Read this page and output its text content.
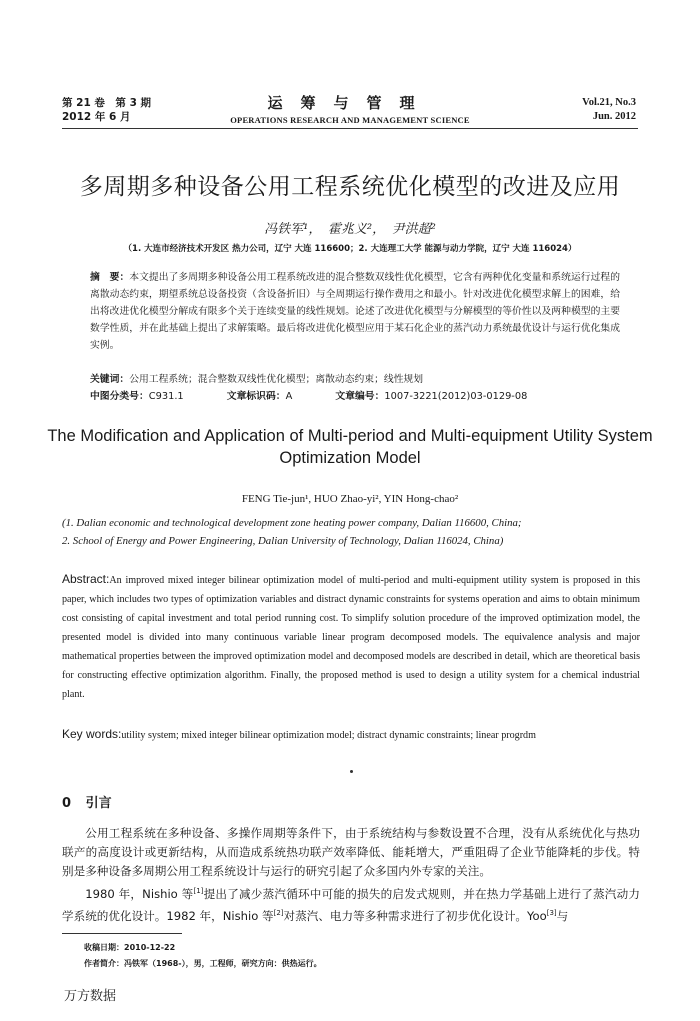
第 21 卷　第 3 期
2012 年 6 月
运筹与管理
OPERATIONS RESEARCH AND MANAGEMENT SCIENCE
Vol.21, No.3
Jun. 2012
多周期多种设备公用工程系统优化模型的改进及应用
冯铁军¹，　霍兆义²，　尹洪超²
（1. 大连市经济技术开发区 热力公司，辽宁 大连 116600；2. 大连理工大学 能源与动力学院，辽宁 大连 116024）
摘　要：本文提出了多周期多种设备公用工程系统改进的混合整数双线性优化模型，它含有两种优化变量和系统运行过程的离散动态约束，期望系统总设备投资（含设备折旧）与全周期运行操作费用之和最小。针对改进优化模型求解上的困难，给出将改进优化模型分解成有限多个关于连续变量的线性规划。论述了改进优化模型与分解模型的等价性以及两种模型的主要数学性质，并在此基础上提出了求解策略。最后将改进优化模型应用于某石化企业的蒸汽动力系统最优设计与运行优化集成实例。
关键词：公用工程系统；混合整数双线性优化模型；离散动态约束；线性规划
中图分类号：C931.1	文章标识码：A	文章编号：1007-3221(2012)03-0129-08
The Modification and Application of Multi-period and Multi-equipment Utility System Optimization Model
FENG Tie-jun¹, HUO Zhao-yi², YIN Hong-chao²
(1. Dalian economic and technological development zone heating power company, Dalian 116600, China;
2. School of Energy and Power Engineering, Dalian University of Technology, Dalian 116024, China)
Abstract:An improved mixed integer bilinear optimization model of multi-period and multi-equipment utility system is proposed in this paper, which includes two types of optimization variables and distract dynamic constraints for systems operation and aims to obtain minimum cost consisting of capital investment and total period running cost. To simplify solution procedure of the improved optimization model, the presented model is divided into many continuous variable linear program decomposed models. The equivalence analysis and major mathematical properties between the improved optimization model and decomposed models are described in detail, which are theoretical basis for constructing effective optimization algorithm. Finally, the proposed method is used to design a utility system for a chemical industrial plant.
Key words:utility system; mixed integer bilinear optimization model; distract dynamic constraints; linear progrdm
0 引言

公用工程系统在多种设备、多操作周期等条件下，由于系统结构与参数设置不合理，没有从系统优化与热功联产的高度设计或更新结构，从而造成系统热功联产效率降低、能耗增大，严重阻碍了企业节能降耗的步伐。特别是多种设备多周期公用工程系统设计与运行的研究引起了众多国内外专家的关注。

1980 年，Nishio 等[1]提出了减少蒸汽循环中可能的损失的启发式规则，并在热力学基础上进行了蒸汽动力学系统的优化设计。1982 年，Nishio 等[2]对蒸汽、电力等多种需求进行了初步优化设计。Yoo[3]与

收稿日期：2010-12-22
作者简介：冯铁军（1968-），男，工程师，研究方向：供热运行。
万方数据
